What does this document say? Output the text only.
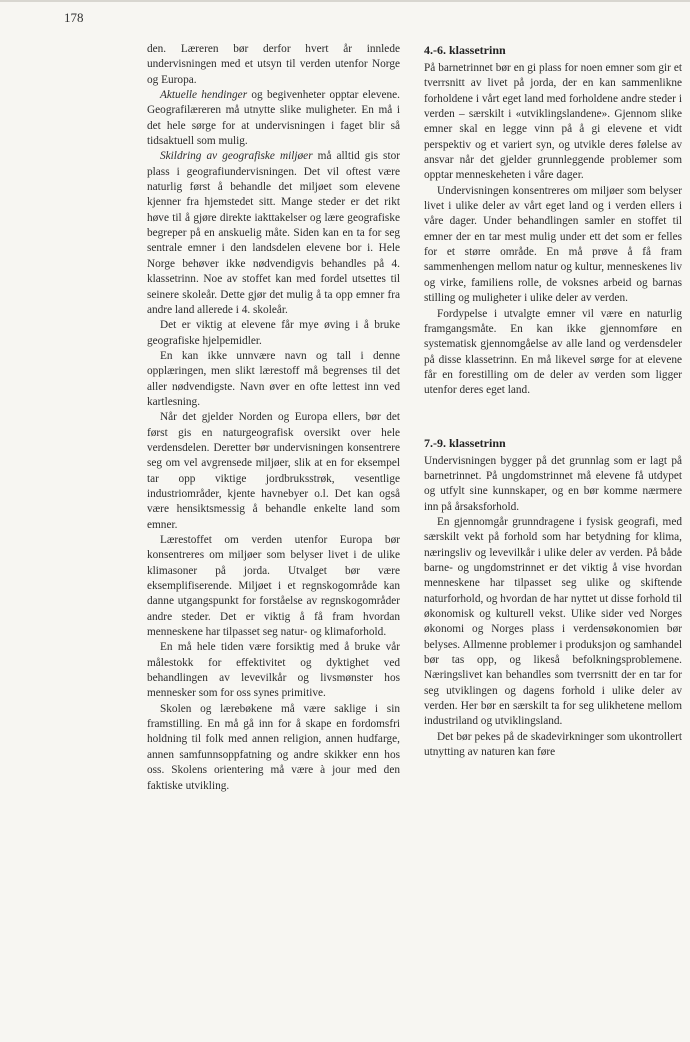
178

den. Læreren bør derfor hvert år innlede undervisningen med et utsyn til verden utenfor Norge og Europa.

Aktuelle hendinger og begivenheter opptar elevene. Geografilæreren må utnytte slike muligheter. En må i det hele sørge for at undervisningen i faget blir så tidsaktuell som mulig.

Skildring av geografiske miljøer må alltid gis stor plass i geografiundervisningen. Det vil oftest være naturlig først å behandle det miljøet som elevene kjenner fra hjemstedet sitt. Mange steder er det rikt høve til å gjøre direkte iakttakelser og lære geografiske begreper på en anskuelig måte. Siden kan en ta for seg sentrale emner i den landsdelen elevene bor i. Hele Norge behøver ikke nødvendigvis behandles på 4. klassetrinn. Noe av stoffet kan med fordel utsettes til seinere skoleår. Dette gjør det mulig å ta opp emner fra andre land allerede i 4. skoleår.

Det er viktig at elevene får mye øving i å bruke geografiske hjelpemidler.

En kan ikke unnvære navn og tall i denne opplæringen, men slikt lærestoff må begrenses til det aller nødvendigste. Navn øver en ofte lettest inn ved kartlesning.

Når det gjelder Norden og Europa ellers, bør det først gis en naturgeografisk oversikt over hele verdensdelen. Deretter bør undervisningen konsentrere seg om vel avgrensede miljøer, slik at en for eksempel tar opp viktige jordbruksstrøk, vesentlige industriområder, kjente havnebyer o.l. Det kan også være hensiktsmessig å behandle enkelte land som emner.

Lærestoffet om verden utenfor Europa bør konsentreres om miljøer som belyser livet i de ulike klimasoner på jorda. Utvalget bør være eksemplifiserende. Miljøet i et regnskogområde kan danne utgangspunkt for forståelse av regnskogområder andre steder. Det er viktig å få fram hvordan menneskene har tilpasset seg natur- og klimaforhold.

En må hele tiden være forsiktig med å bruke vår målestokk for effektivitet og dyktighet ved behandlingen av levevilkår og livsmønster hos mennesker som for oss synes primitive.

Skolen og lærebøkene må være saklige i sin framstilling. En må gå inn for å skape en fordomsfri holdning til folk med annen religion, annen hudfarge, annen samfunnsoppfatning og andre skikker enn hos oss. Skolens orientering må være à jour med den faktiske utvikling.

4.-6. klassetrinn

På barnetrinnet bør en gi plass for noen emner som gir et tverrsnitt av livet på jorda, der en kan sammenlikne forholdene i vårt eget land med forholdene andre steder i verden – særskilt i «utviklingslandene». Gjennom slike emner skal en legge vinn på å gi elevene et vidt perspektiv og et variert syn, og utvikle deres følelse av ansvar når det gjelder grunnleggende problemer som opptar menneskeheten i våre dager.

Undervisningen konsentreres om miljøer som belyser livet i ulike deler av vårt eget land og i verden ellers i våre dager. Under behandlingen samler en stoffet til emner der en tar mest mulig under ett det som er felles for et større område. En må prøve å få fram sammenhengen mellom natur og kultur, menneskenes liv og virke, familiens rolle, de voksnes arbeid og barnas stilling og muligheter i ulike deler av verden.

Fordypelse i utvalgte emner vil være en naturlig framgangsmåte. En kan ikke gjennomføre en systematisk gjennomgåelse av alle land og verdensdeler på disse klassetrinn. En må likevel sørge for at elevene får en forestilling om de deler av verden som ligger utenfor deres eget land.

7.-9. klassetrinn

Undervisningen bygger på det grunnlag som er lagt på barnetrinnet. På ungdomstrinnet må elevene få utdypet og utfylt sine kunnskaper, og en bør komme nærmere inn på årsaksforhold.

En gjennomgår grunndragene i fysisk geografi, med særskilt vekt på forhold som har betydning for klima, næringsliv og levevilkår i ulike deler av verden. På både barne- og ungdomstrinnet er det viktig å vise hvordan menneskene har tilpasset seg ulike og skiftende naturforhold, og hvordan de har nyttet ut disse forhold til økonomisk og kulturell vekst. Ulike sider ved Norges økonomi og Norges plass i verdensøkonomien bør belyses. Allmenne problemer i produksjon og samhandel bør tas opp, og likeså befolkningsproblemene. Næringslivet kan behandles som tverrsnitt der en tar for seg utviklingen og dagens forhold i ulike deler av verden. Her bør en særskilt ta for seg ulikhetene mellom industriland og utviklingsland.

Det bør pekes på de skadevirkninger som ukontrollert utnytting av naturen kan føre
